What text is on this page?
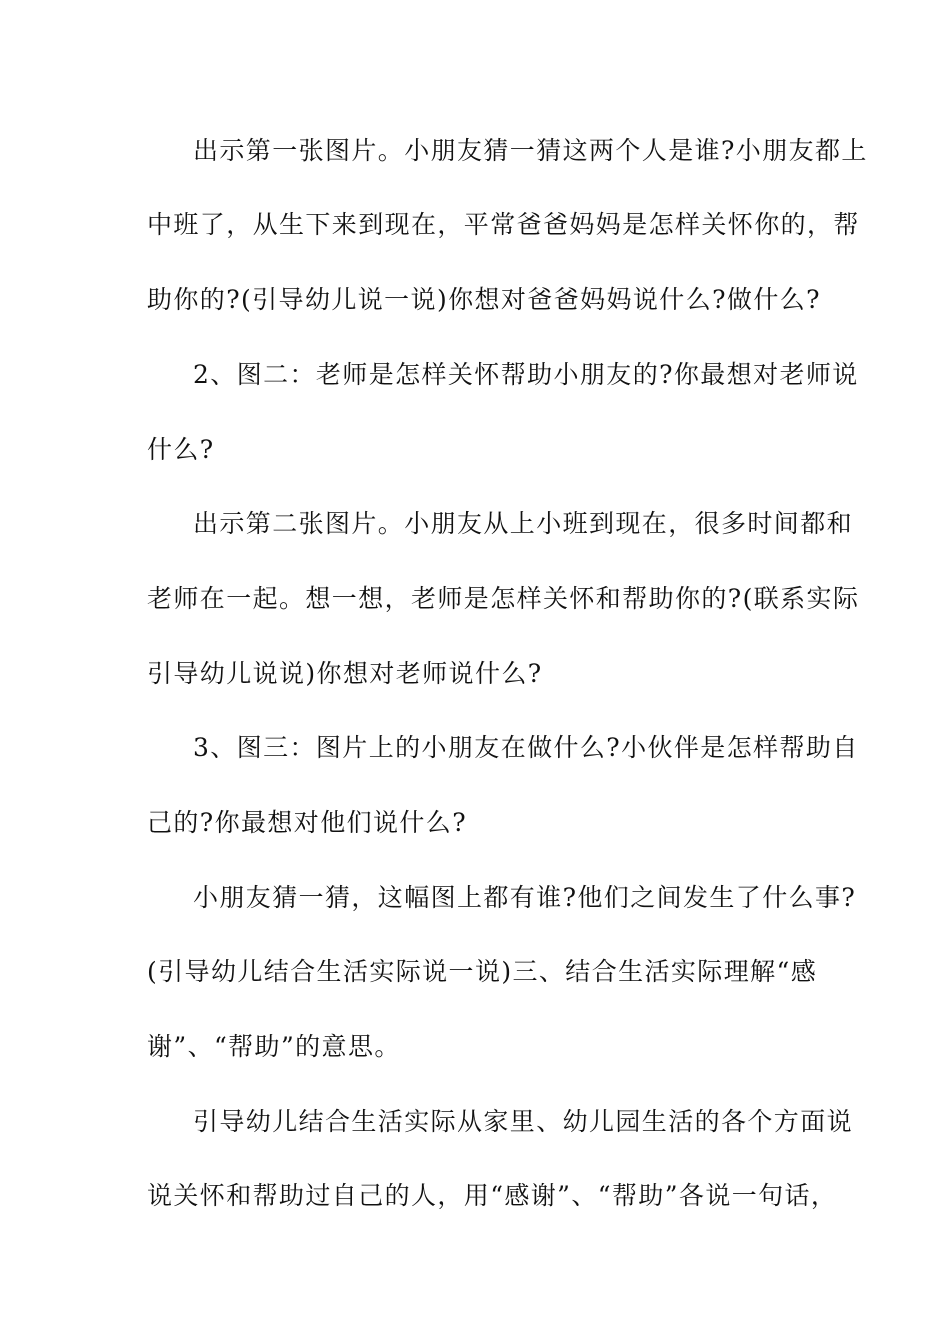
出示第一张图片。小朋友猜一猜这两个人是谁?小朋友都上
中班了，从生下来到现在，平常爸爸妈妈是怎样关怀你的，帮
助你的?(引导幼儿说一说)你想对爸爸妈妈说什么?做什么?
2、图二：老师是怎样关怀帮助小朋友的?你最想对老师说
什么?
出示第二张图片。小朋友从上小班到现在，很多时间都和
老师在一起。想一想，老师是怎样关怀和帮助你的?(联系实际
引导幼儿说说)你想对老师说什么?
3、图三：图片上的小朋友在做什么?小伙伴是怎样帮助自
己的?你最想对他们说什么?
小朋友猜一猜，这幅图上都有谁?他们之间发生了什么事?
(引导幼儿结合生活实际说一说)三、结合生活实际理解“感
谢”、“帮助”的意思。
引导幼儿结合生活实际从家里、幼儿园生活的各个方面说
说关怀和帮助过自己的人，用“感谢”、“帮助”各说一句话，
